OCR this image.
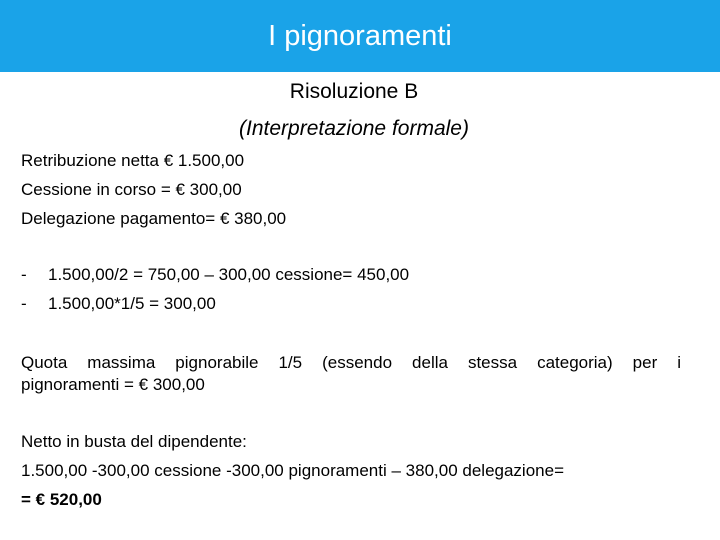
I pignoramenti
Risoluzione B
(Interpretazione formale)
Retribuzione netta € 1.500,00
Cessione in corso = € 300,00
Delegazione pagamento= € 380,00
- 1.500,00/2 = 750,00 – 300,00 cessione= 450,00
- 1.500,00*1/5 = 300,00
Quota massima pignorabile 1/5 (essendo della stessa categoria) per i
pignoramenti = € 300,00
Netto in busta del dipendente:
1.500,00 -300,00 cessione -300,00 pignoramenti – 380,00 delegazione=
= € 520,00
